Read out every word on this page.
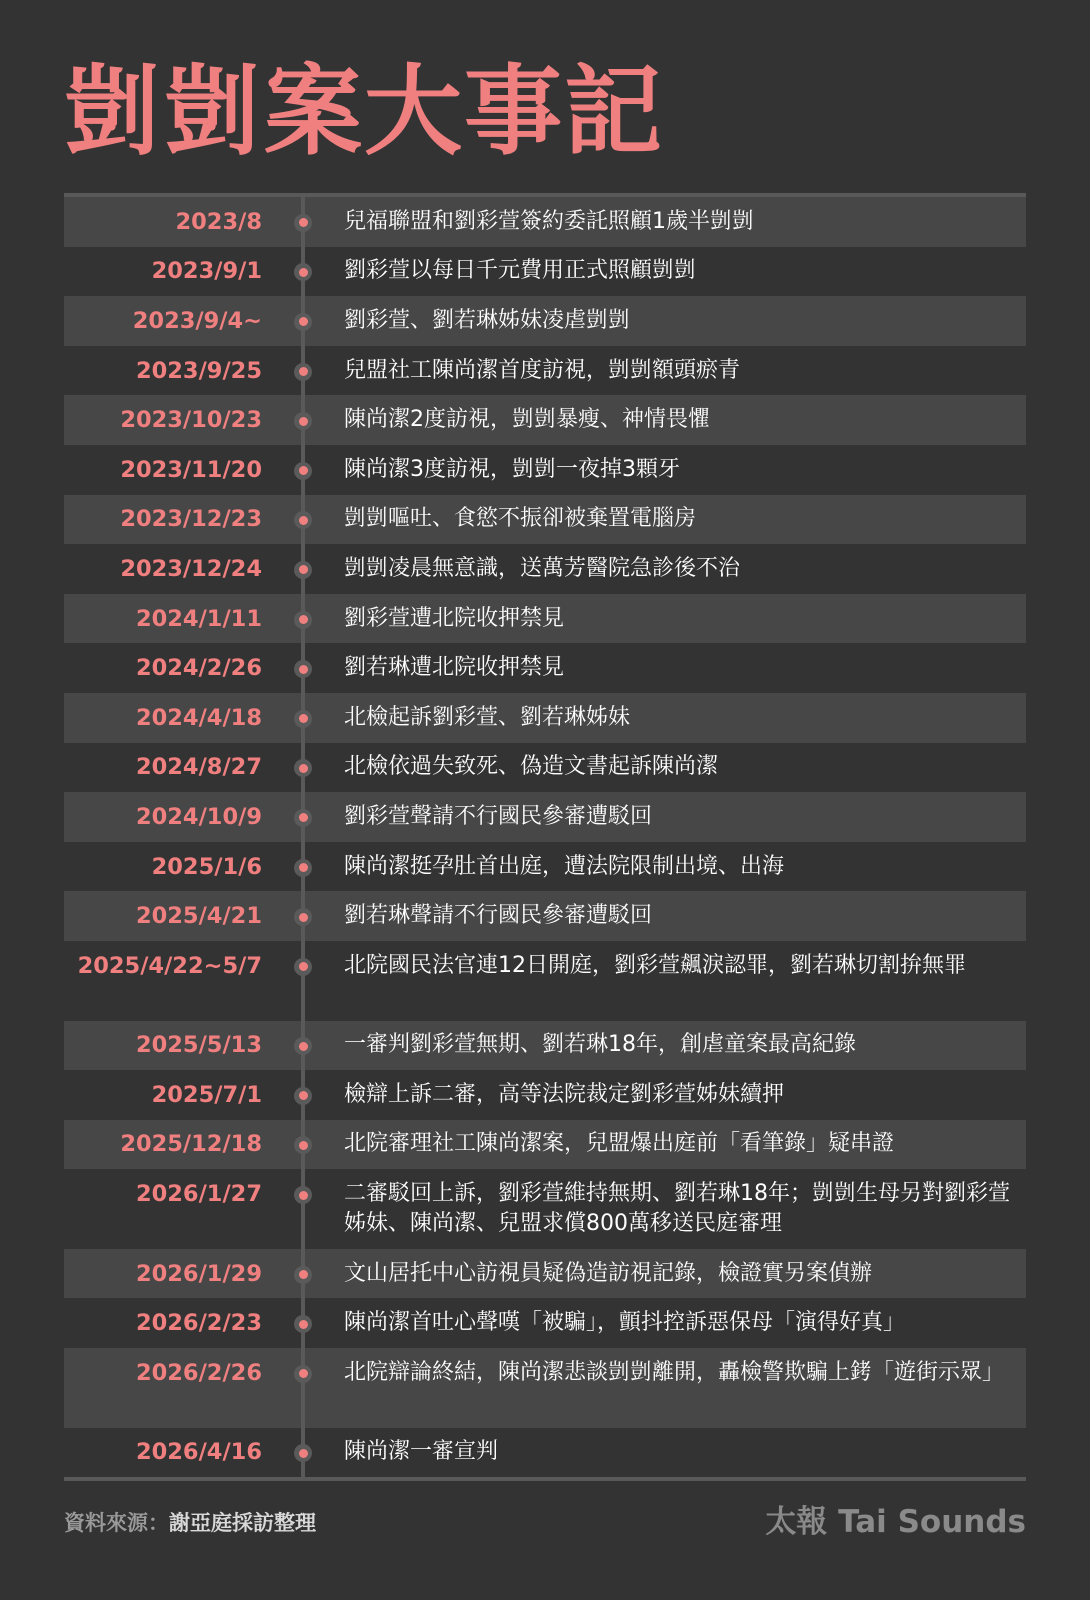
剴剴案大事記
2023/8	兒福聯盟和劉彩萱簽約委託照顧1歲半剴剴
2023/9/1	劉彩萱以每日千元費用正式照顧剴剴
2023/9/4~	劉彩萱、劉若琳姊妹凌虐剴剴
2023/9/25	兒盟社工陳尚潔首度訪視，剴剴額頭瘀青
2023/10/23	陳尚潔2度訪視，剴剴暴瘦、神情畏懼
2023/11/20	陳尚潔3度訪視，剴剴一夜掉3顆牙
2023/12/23	剴剴嘔吐、食慾不振卻被棄置電腦房
2023/12/24	剴剴凌晨無意識，送萬芳醫院急診後不治
2024/1/11	劉彩萱遭北院收押禁見
2024/2/26	劉若琳遭北院收押禁見
2024/4/18	北檢起訴劉彩萱、劉若琳姊妹
2024/8/27	北檢依過失致死、偽造文書起訴陳尚潔
2024/10/9	劉彩萱聲請不行國民參審遭駁回
2025/1/6	陳尚潔挺孕肚首出庭，遭法院限制出境、出海
2025/4/21	劉若琳聲請不行國民參審遭駁回
2025/4/22~5/7	北院國民法官連12日開庭，劉彩萱飆淚認罪，劉若琳切割拚無罪
2025/5/13	一審判劉彩萱無期、劉若琳18年，創虐童案最高紀錄
2025/7/1	檢辯上訴二審，高等法院裁定劉彩萱姊妹續押
2025/12/18	北院審理社工陳尚潔案，兒盟爆出庭前「看筆錄」疑串證
2026/1/27	二審駁回上訴，劉彩萱維持無期、劉若琳18年；剴剴生母另對劉彩萱姊妹、陳尚潔、兒盟求償800萬移送民庭審理
2026/1/29	文山居托中心訪視員疑偽造訪視記錄，檢證實另案偵辦
2026/2/23	陳尚潔首吐心聲嘆「被騙」，顫抖控訴惡保母「演得好真」
2026/2/26	北院辯論終結，陳尚潔悲談剴剴離開，轟檢警欺騙上銬「遊街示眾」
2026/4/16	陳尚潔一審宣判
資料來源：謝亞庭採訪整理	太報 Tai Sounds
